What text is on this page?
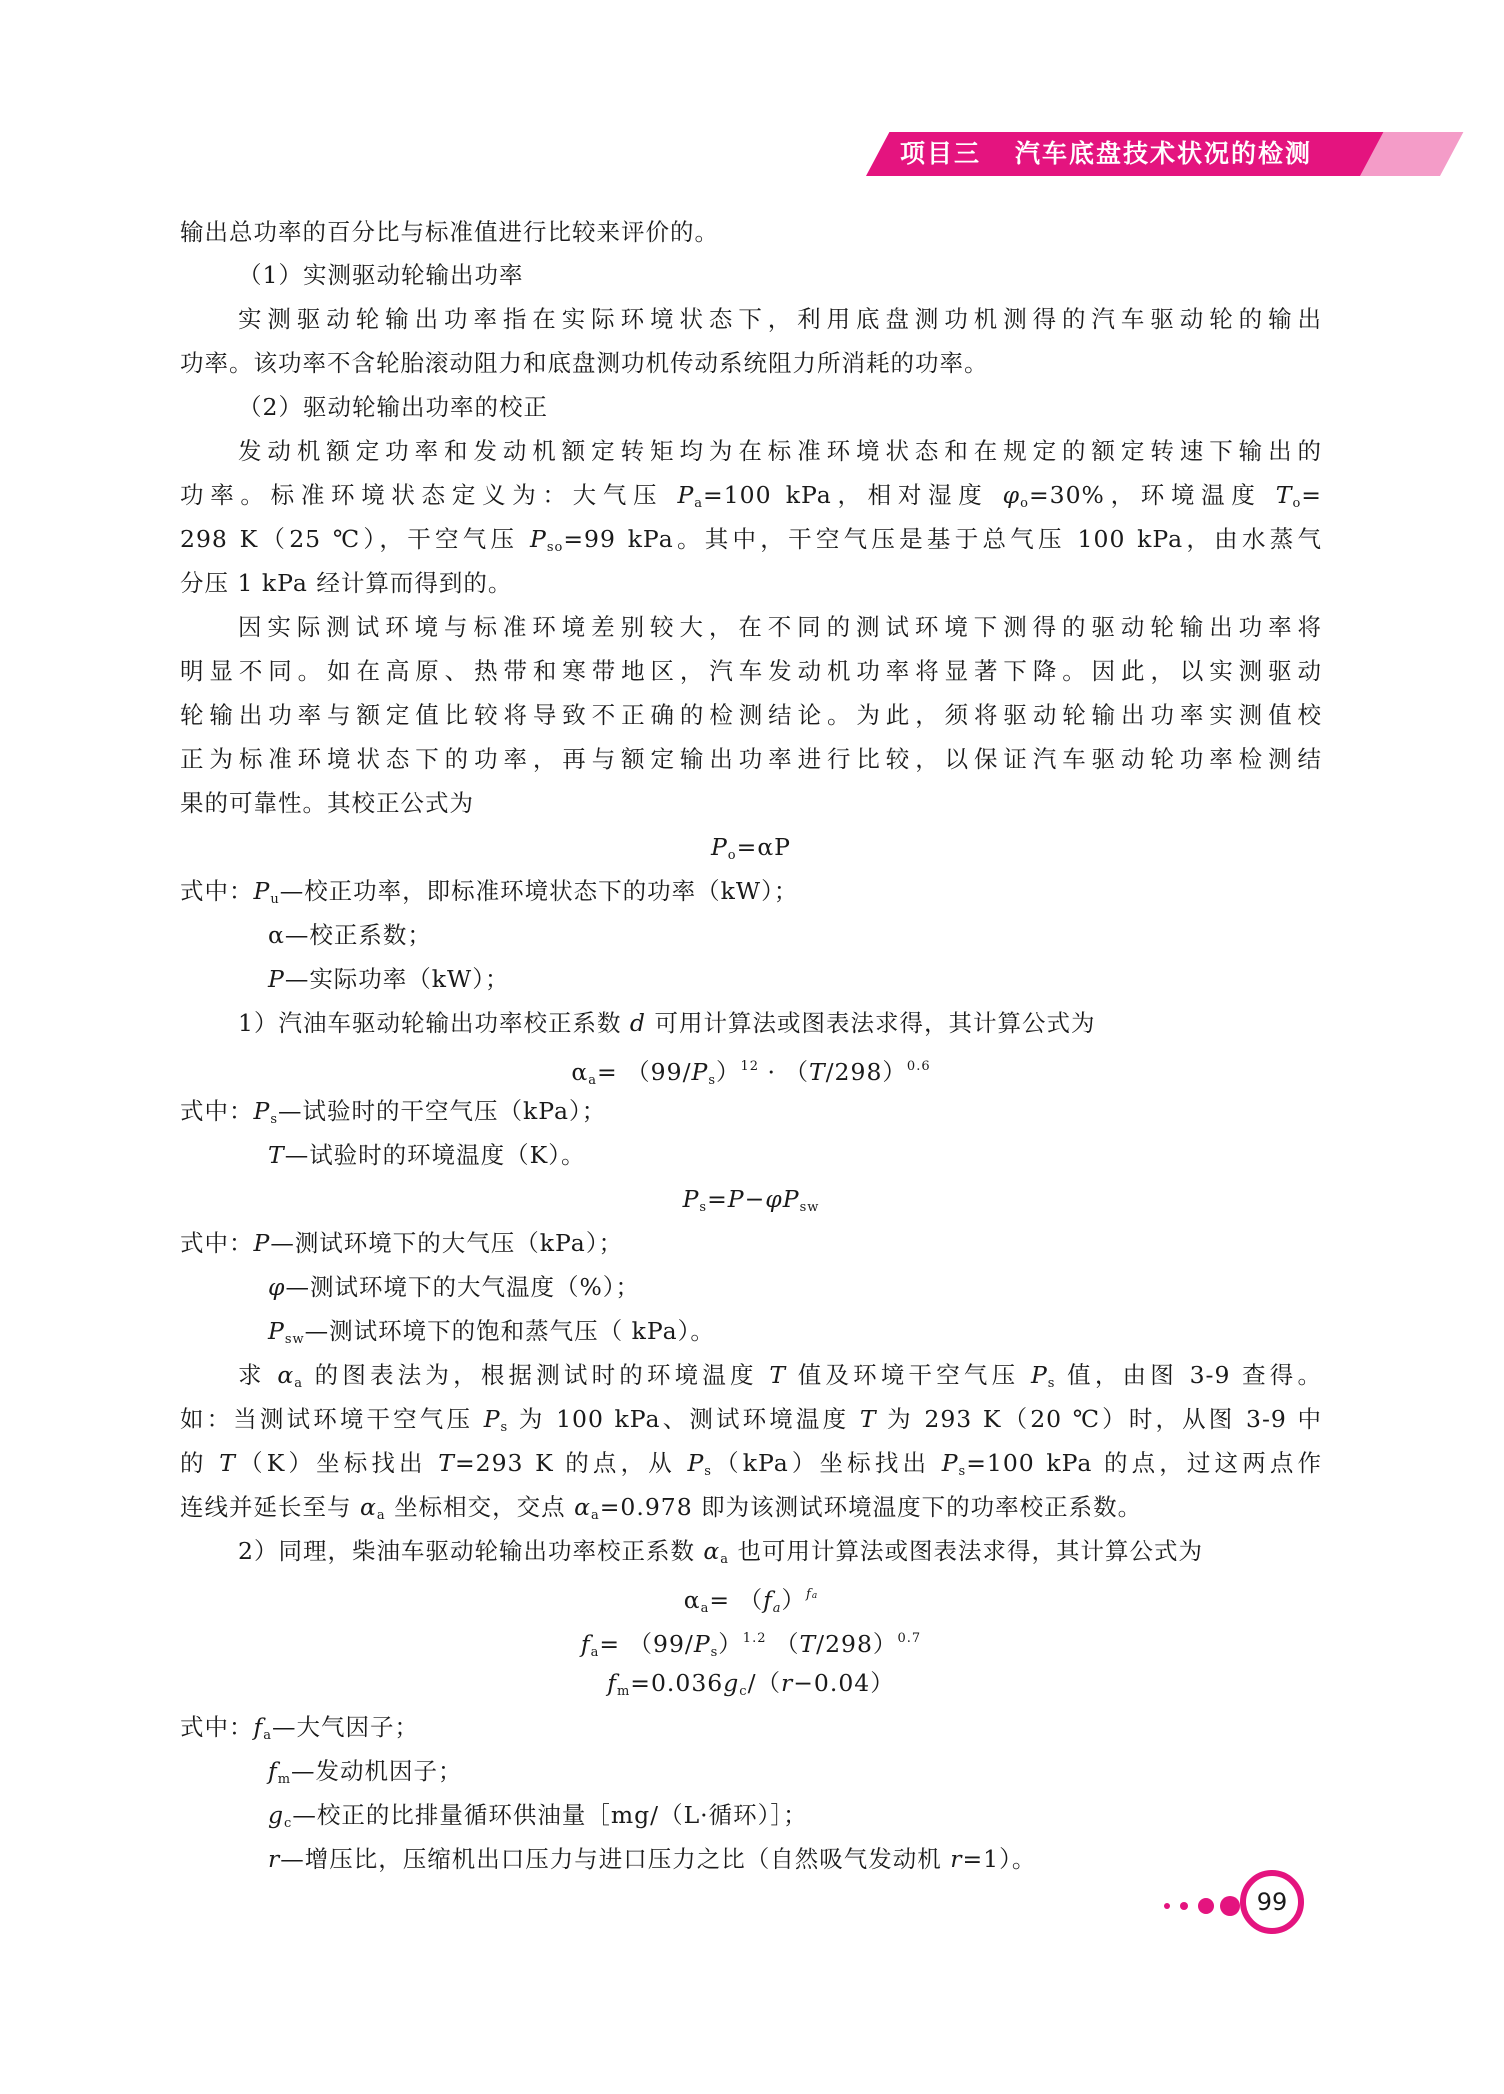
项目三 汽车底盘技术状况的检测
输出总功率的百分比与标准值进行比较来评价的。
（1）实测驱动轮输出功率
实测驱动轮输出功率指在实际环境状态下，利用底盘测功机测得的汽车驱动轮的输出
功率。该功率不含轮胎滚动阻力和底盘测功机传动系统阻力所消耗的功率。
（2）驱动轮输出功率的校正
发动机额定功率和发动机额定转矩均为在标准环境状态和在规定的额定转速下输出的
功率。标准环境状态定义为：大气压 $P_a=100$ kPa，相对湿度 $\varphi_o=30\%$，环境温度 $T_o=$
298 K（25 ℃），干空气压 $P_{so}=99$ kPa。其中，干空气压是基于总气压 100 kPa，由水蒸气
分压 1 kPa 经计算而得到的。
因实际测试环境与标准环境差别较大，在不同的测试环境下测得的驱动轮输出功率将
明显不同。如在高原、热带和寒带地区，汽车发动机功率将显著下降。因此，以实测驱动
轮输出功率与额定值比较将导致不正确的检测结论。为此，须将驱动轮输出功率实测值校
正为标准环境状态下的功率，再与额定输出功率进行比较，以保证汽车驱动轮功率检测结
果的可靠性。其校正公式为
$P_o=\alpha P$
式中：$P_u—$校正功率，即标准环境状态下的功率（kW）；
α—校正系数；
P—实际功率（kW）；
1）汽油车驱动轮输出功率校正系数 d 可用计算法或图表法求得，其计算公式为
$\alpha_a= (99/P_s)^{12} \cdot (T/298)^{0.6}$
式中：$P_s—$试验时的干空气压（kPa）；
T—试验时的环境温度（K）。
$P_s=P-\varphi P_{sw}$
式中：P—测试环境下的大气压（kPa）；
φ—测试环境下的大气温度（%）；
$P_{sw}—$测试环境下的饱和蒸气压（ kPa）。
求 $\alpha_a$ 的图表法为，根据测试时的环境温度 T 值及环境干空气压 $P_s$ 值，由图 3-9 查得。
如：当测试环境干空气压 $P_s$ 为 100 kPa、测试环境温度 T 为 293 K（20 ℃）时，从图 3-9 中
的 T（K）坐标找出 T=293 K 的点，从 $P_s(kPa)$坐标找出 $P_s=100$ kPa 的点，过这两点作
连线并延长至与 $\alpha_a$ 坐标相交，交点 $\alpha_a=0.978$ 即为该测试环境温度下的功率校正系数。
2）同理，柴油车驱动轮输出功率校正系数 $\alpha_a$ 也可用计算法或图表法求得，其计算公式为
$\alpha_a= (f_a)^{fa}$
$f_a= (99/P_s)^{1.2}$ $(T/298)^{0.7}$
$f_m=0.036g_c/(r-0.04)$
式中：$f_a—$大气因子；
$f_m—$发动机因子；
$g_c—$校正的比排量循环供油量［mg/（L·循环）］；
r—增压比，压缩机出口压力与进口压力之比（自然吸气发动机 r=1）。
99
